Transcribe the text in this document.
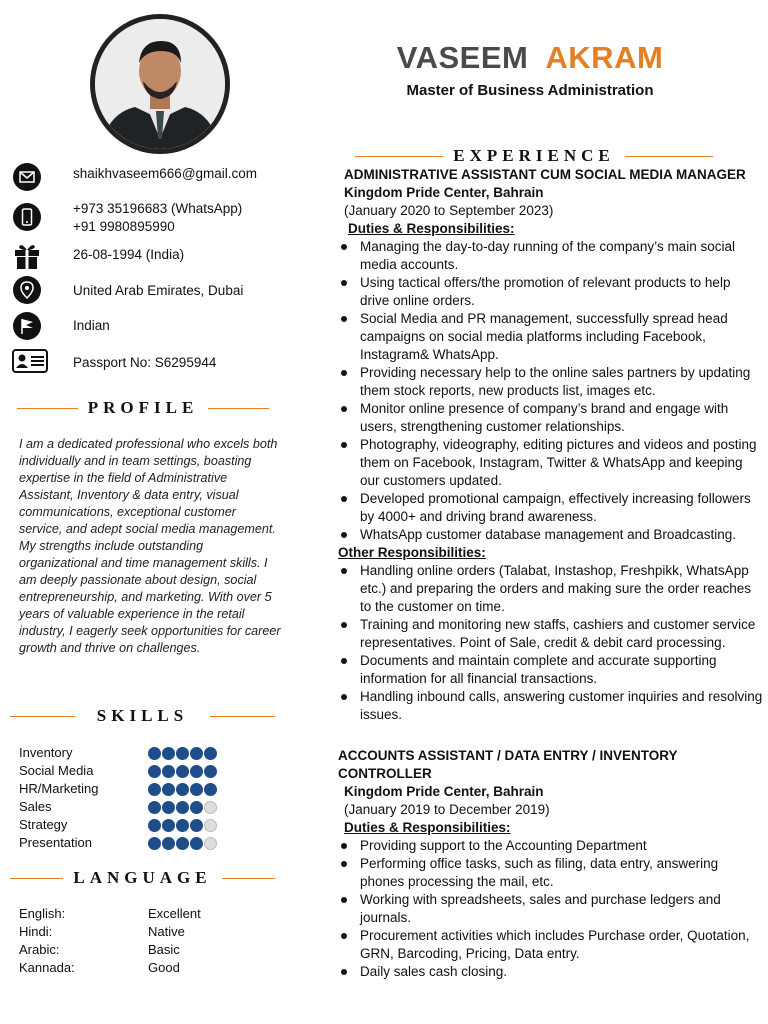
VASEEM AKRAM
Master of Business Administration
shaikhvaseem666@gmail.com
+973 35196683 (WhatsApp)
+91 9980895990
26-08-1994 (India)
United Arab Emirates, Dubai
Indian
Passport No: S6295944
PROFILE
I am a dedicated professional who excels both individually and in team settings, boasting expertise in the field of Administrative Assistant, Inventory & data entry, visual communications, exceptional customer service, and adept social media management. My strengths include outstanding organizational and time management skills. I am deeply passionate about design, social entrepreneurship, and marketing. With over 5 years of valuable experience in the retail industry, I eagerly seek opportunities for career growth and thrive on challenges.
SKILLS
Inventory
Social Media
HR/Marketing
Sales
Strategy
Presentation
LANGUAGE
English:	Excellent
Hindi:	Native
Arabic:	Basic
Kannada:	Good
EXPERIENCE
ADMINISTRATIVE ASSISTANT CUM SOCIAL MEDIA MANAGER
Kingdom Pride Center, Bahrain
(January 2020 to September 2023)
Duties & Responsibilities:
Managing the day-to-day running of the company’s main social media accounts.
Using tactical offers/the promotion of relevant products to help drive online orders.
Social Media and PR management, successfully spread head campaigns on social media platforms including Facebook, Instagram& WhatsApp.
Providing necessary help to the online sales partners by updating them stock reports, new products list, images etc.
Monitor online presence of company’s brand and engage with users, strengthening customer relationships.
Photography, videography, editing pictures and videos and posting them on Facebook, Instagram, Twitter & WhatsApp and keeping our customers updated.
Developed promotional campaign, effectively increasing followers by 4000+ and driving brand awareness.
WhatsApp customer database management and Broadcasting.
Other Responsibilities:
Handling online orders (Talabat, Instashop, Freshpikk, WhatsApp etc.) and preparing the orders and making sure the order reaches to the customer on time.
Training and monitoring new staffs, cashiers and customer service representatives. Point of Sale, credit & debit card processing.
Documents and maintain complete and accurate supporting information for all financial transactions.
Handling inbound calls, answering customer inquiries and resolving issues.
ACCOUNTS ASSISTANT / DATA ENTRY / INVENTORY CONTROLLER
Kingdom Pride Center, Bahrain
(January 2019 to December 2019)
Duties & Responsibilities:
Providing support to the Accounting Department
Performing office tasks, such as filing, data entry, answering phones processing the mail, etc.
Working with spreadsheets, sales and purchase ledgers and journals.
Procurement activities which includes Purchase order, Quotation, GRN, Barcoding, Pricing, Data entry.
Daily sales cash closing.
